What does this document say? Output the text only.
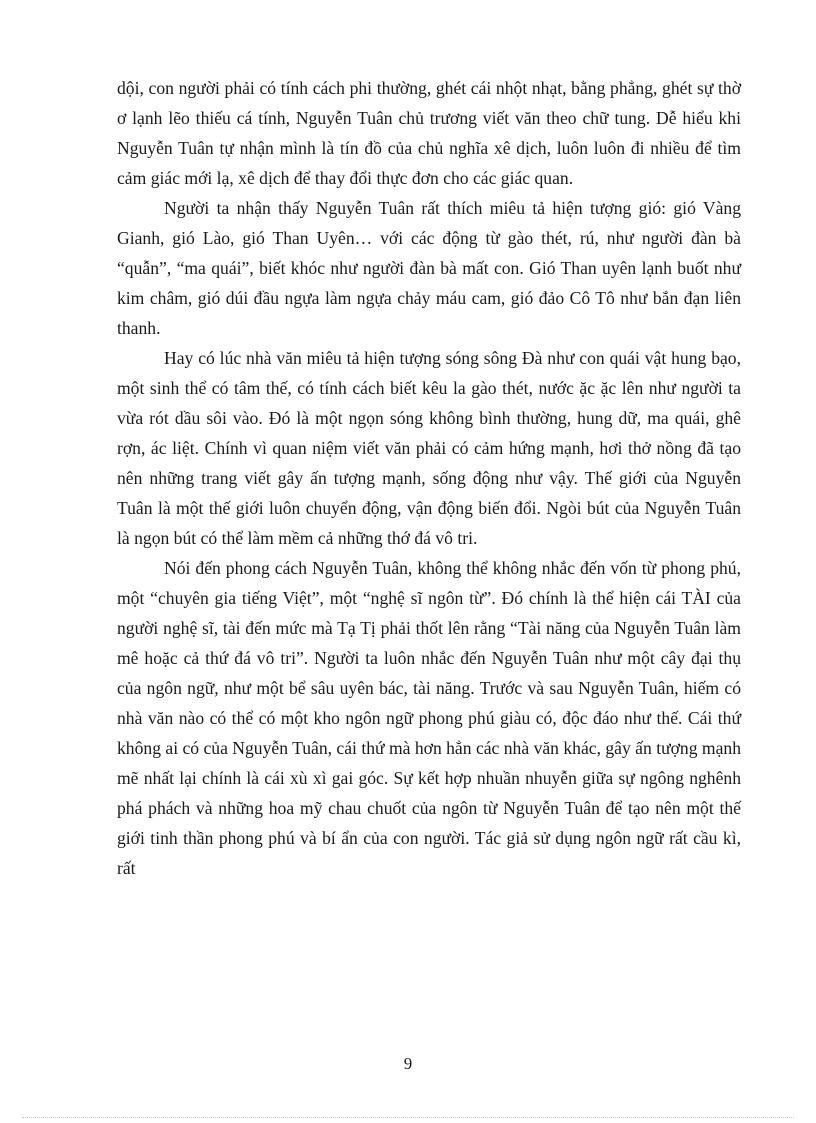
dội, con người phải có tính cách phi thường, ghét cái nhột nhạt, bằng phẳng, ghét sự thờ ơ lạnh lẽo thiếu cá tính, Nguyễn Tuân chủ trương viết văn theo chữ tung. Dễ hiểu khi Nguyễn Tuân tự nhận mình là tín đồ của chủ nghĩa xê dịch, luôn luôn đi nhiều để tìm cảm giác mới lạ, xê dịch để thay đổi thực đơn cho các giác quan.

Người ta nhận thấy Nguyễn Tuân rất thích miêu tả hiện tượng gió: gió Vàng Gianh, gió Lào, gió Than Uyên… với các động từ gào thét, rú, như người đàn bà “quẫn”, “ma quái”, biết khóc như người đàn bà mất con. Gió Than uyên lạnh buốt như kim châm, gió dúi đầu ngựa làm ngựa chảy máu cam, gió đảo Cô Tô như bắn đạn liên thanh.

Hay có lúc nhà văn miêu tả hiện tượng sóng sông Đà như con quái vật hung bạo, một sinh thể có tâm thế, có tính cách biết kêu la gào thét, nước ặc ặc lên như người ta vừa rót dầu sôi vào. Đó là một ngọn sóng không bình thường, hung dữ, ma quái, ghê rợn, ác liệt. Chính vì quan niệm viết văn phải có cảm hứng mạnh, hơi thở nồng đã tạo nên những trang viết gây ấn tượng mạnh, sống động như vậy. Thế giới của Nguyễn Tuân là một thế giới luôn chuyển động, vận động biến đổi. Ngòi bút của Nguyễn Tuân là ngọn bút có thể làm mềm cả những thớ đá vô tri.

Nói đến phong cách Nguyễn Tuân, không thể không nhắc đến vốn từ phong phú, một “chuyên gia tiếng Việt”, một “nghệ sĩ ngôn từ”. Đó chính là thể hiện cái TÀI của người nghệ sĩ, tài đến mức mà Tạ Tị phải thốt lên rằng “Tài năng của Nguyễn Tuân làm mê hoặc cả thứ đá vô tri”. Người ta luôn nhắc đến Nguyễn Tuân như một cây đại thụ của ngôn ngữ, như một bể sâu uyên bác, tài năng. Trước và sau Nguyễn Tuân, hiếm có nhà văn nào có thể có một kho ngôn ngữ phong phú giàu có, độc đáo như thế. Cái thứ không ai có của Nguyễn Tuân, cái thứ mà hơn hẳn các nhà văn khác, gây ấn tượng mạnh mẽ nhất lại chính là cái xù xì gai góc. Sự kết hợp nhuần nhuyễn giữa sự ngông nghênh phá phách và những hoa mỹ chau chuốt của ngôn từ Nguyễn Tuân để tạo nên một thế giới tinh thần phong phú và bí ẩn của con người. Tác giả sử dụng ngôn ngữ rất cầu kì, rất

9
